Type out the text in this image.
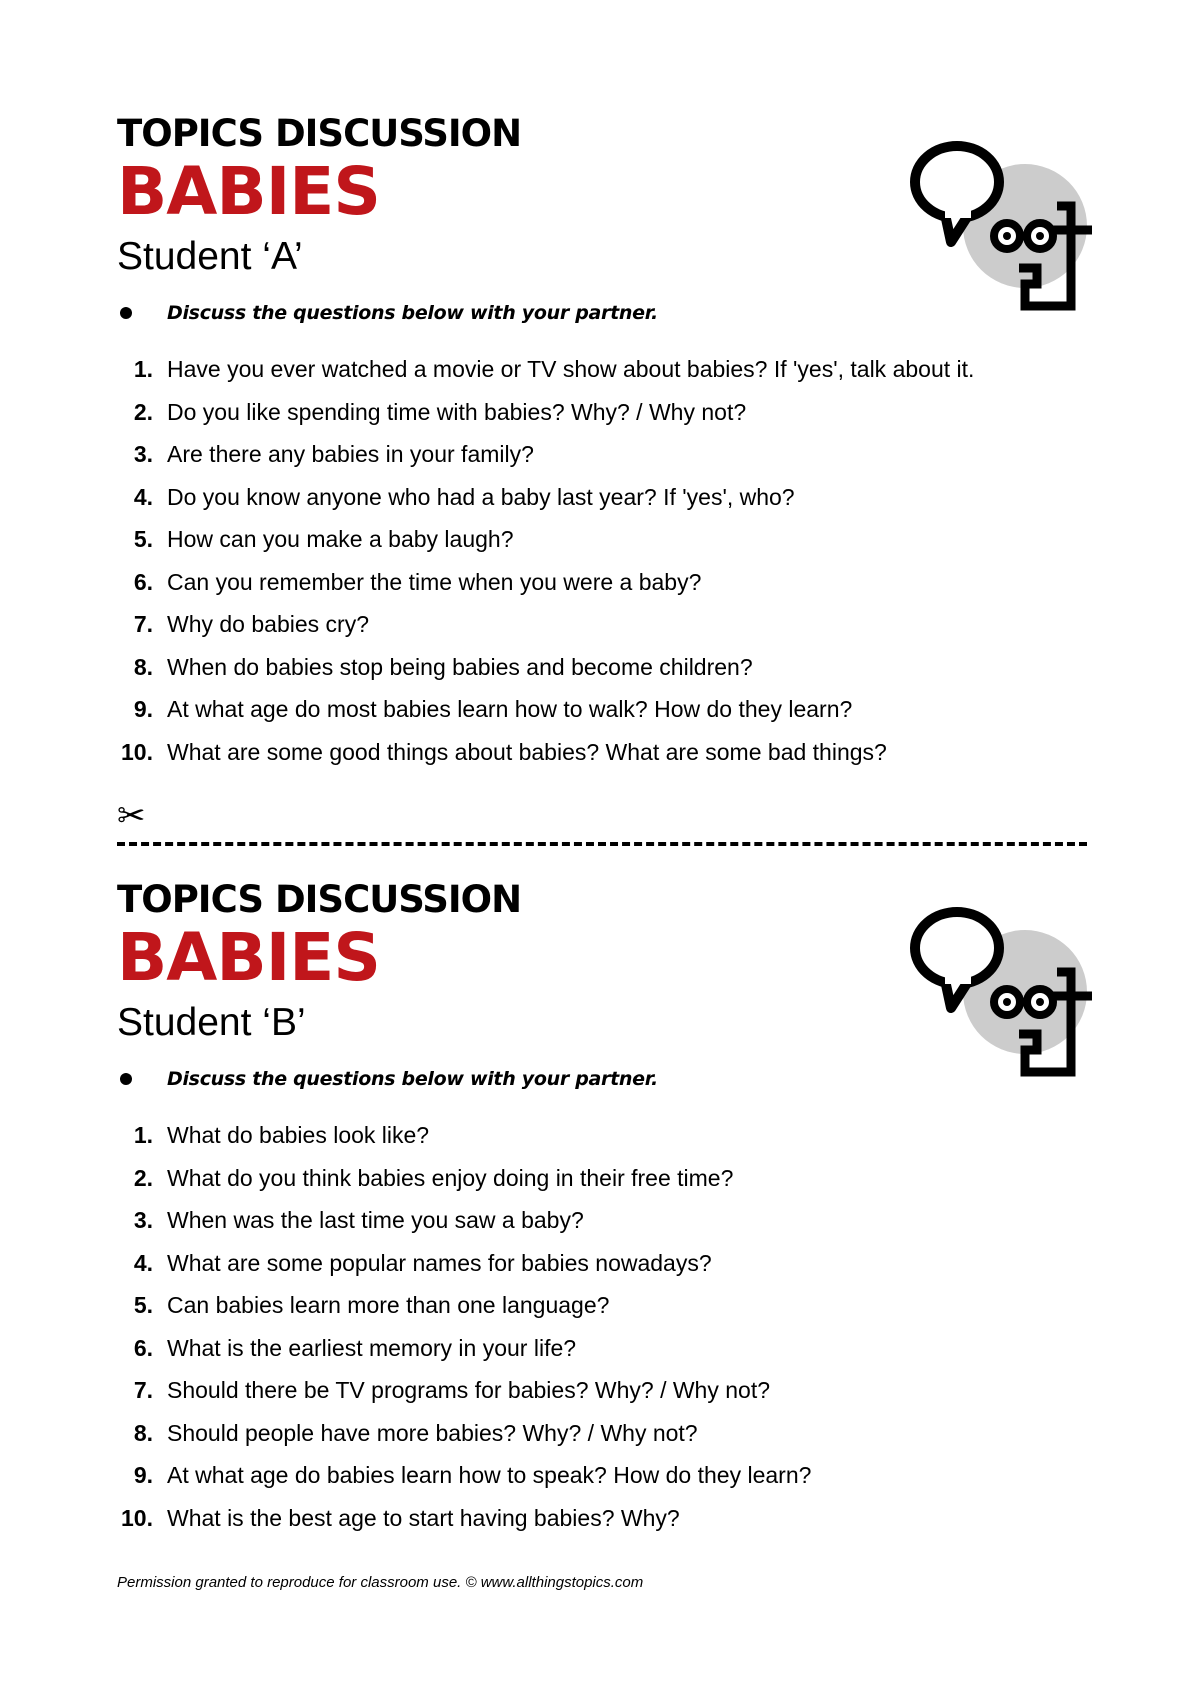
TOPICS DISCUSSION
BABIES
Student ‘A’
Discuss the questions below with your partner.
1. Have you ever watched a movie or TV show about babies? If 'yes', talk about it.
2. Do you like spending time with babies? Why? / Why not?
3. Are there any babies in your family?
4. Do you know anyone who had a baby last year? If 'yes', who?
5. How can you make a baby laugh?
6. Can you remember the time when you were a baby?
7. Why do babies cry?
8. When do babies stop being babies and become children?
9. At what age do most babies learn how to walk? How do they learn?
10. What are some good things about babies? What are some bad things?
✂
TOPICS DISCUSSION
BABIES
Student ‘B’
Discuss the questions below with your partner.
1. What do babies look like?
2. What do you think babies enjoy doing in their free time?
3. When was the last time you saw a baby?
4. What are some popular names for babies nowadays?
5. Can babies learn more than one language?
6. What is the earliest memory in your life?
7. Should there be TV programs for babies? Why? / Why not?
8. Should people have more babies? Why? / Why not?
9. At what age do babies learn how to speak? How do they learn?
10. What is the best age to start having babies? Why?
Permission granted to reproduce for classroom use. © www.allthingstopics.com
